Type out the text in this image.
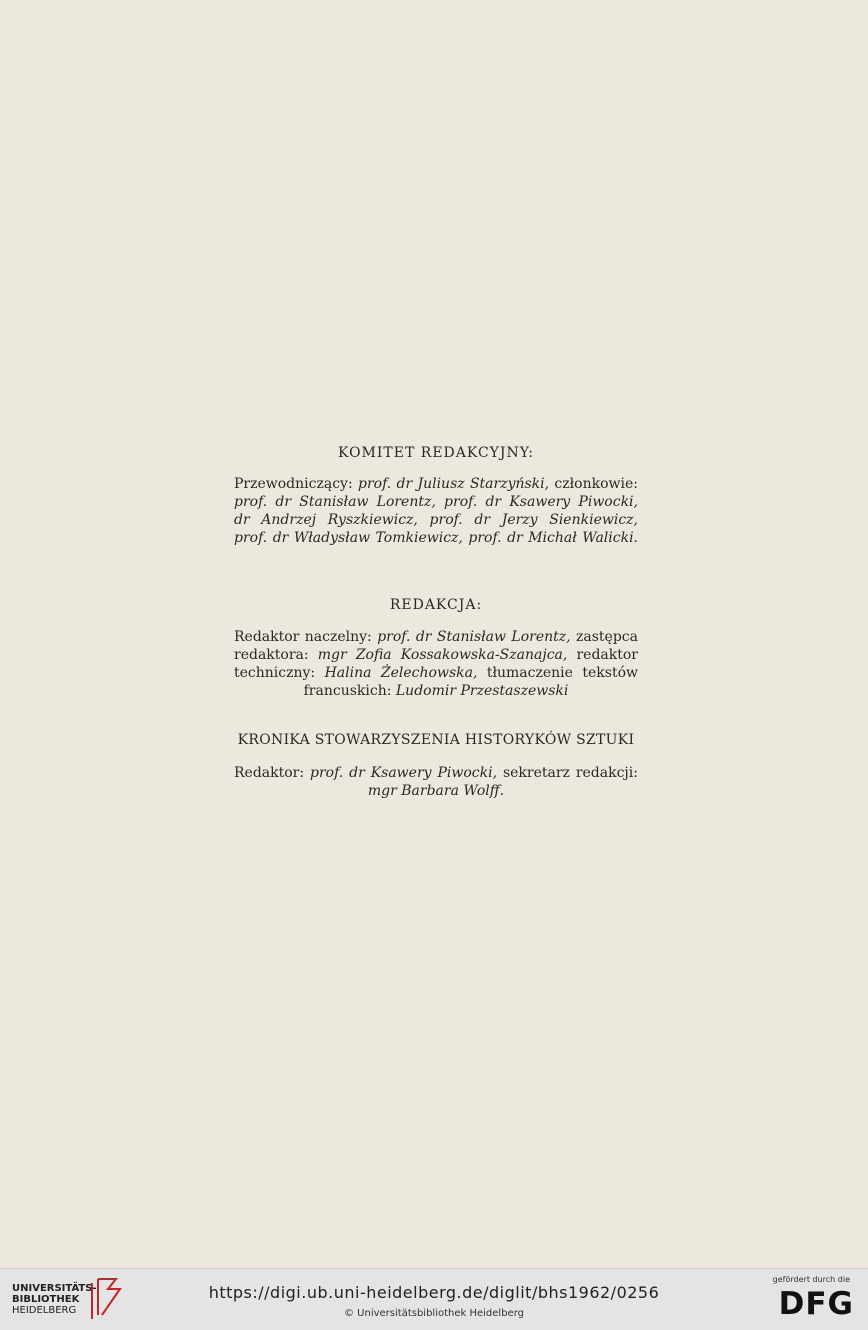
KOMITET REDAKCYJNY:
Przewodniczący: prof. dr Juliusz Starzyński, członkowie:
prof. dr Stanisław Lorentz, prof. dr Ksawery Piwocki,
dr Andrzej Ryszkiewicz, prof. dr Jerzy Sienkiewicz,
prof. dr Władysław Tomkiewicz, prof. dr Michał Walicki.
REDAKCJA:
Redaktor naczelny: prof. dr Stanisław Lorentz, zastępca
redaktora: mgr Zofia Kossakowska-Szanajca, redaktor
techniczny: Halina Żelechowska, tłumaczenie tekstów
francuskich: Ludomir Przestaszewski
KRONIKA STOWARZYSZENIA HISTORYKÓW SZTUKI
Redaktor: prof. dr Ksawery Piwocki, sekretarz redakcji:
mgr Barbara Wolff.
UNIVERSITÄTS-
BIBLIOTHEK
HEIDELBERG
https://digi.ub.uni-heidelberg.de/diglit/bhs1962/0256
© Universitätsbibliothek Heidelberg
gefördert durch die
DFG
